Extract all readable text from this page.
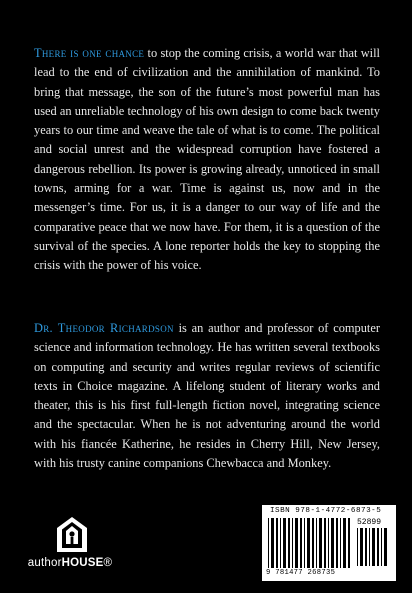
There is one chance to stop the coming crisis, a world war that will lead to the end of civilization and the annihilation of mankind. To bring that message, the son of the future’s most powerful man has used an unreliable technology of his own design to come back twenty years to our time and weave the tale of what is to come. The political and social unrest and the widespread corruption have fostered a dangerous rebellion. Its power is growing already, unnoticed in small towns, arming for a war. Time is against us, now and in the messenger’s time. For us, it is a danger to our way of life and the comparative peace that we now have. For them, it is a question of the survival of the species. A lone reporter holds the key to stopping the crisis with the power of his voice.

Dr. Theodor Richardson is an author and professor of computer science and information technology. He has written several textbooks on computing and security and writes regular reviews of scientific texts in Choice magazine. A lifelong student of literary works and theater, this is his first full-length fiction novel, integrating science and the spectacular. When he is not adventuring around the world with his fiancée Katherine, he resides in Cherry Hill, New Jersey, with his trusty canine companions Chewbacca and Monkey.

authorHOUSE®
ISBN 978-1-4772-6873-5
52899
9 781477 268735
